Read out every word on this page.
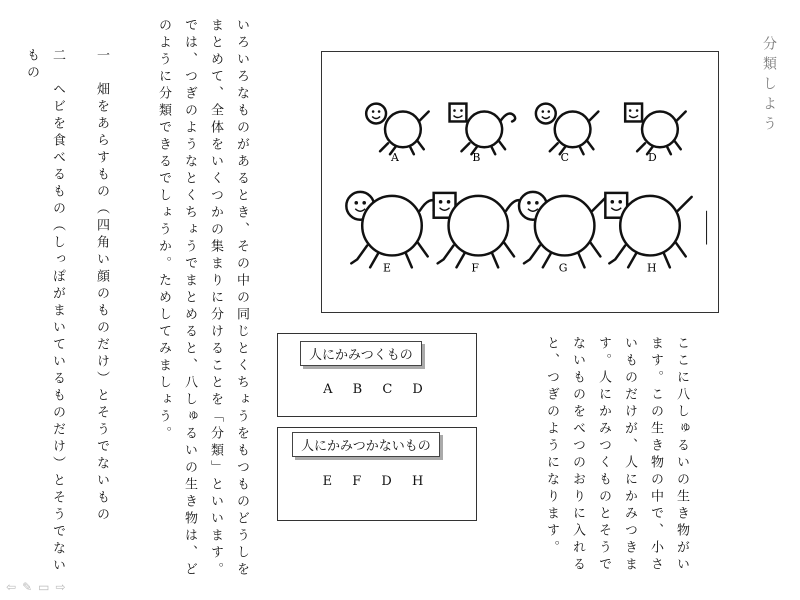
分類しよう
いろいろなものがあるとき、その中の同じとくちょうをもつものどうしをまとめて、全体をいくつかの集まりに分けることを「分類」といいます。では、つぎのようなとくちょうでまとめると、八しゅるいの生き物は、どのように分類できるでしょうか。ためしてみましょう。
一　畑をあらすもの（四角い顔のものだけ）とそうでないもの
二　ヘビを食べるもの（しっぽがまいているものだけ）とそうでないもの
A	B	C	D
E	F	G	H
人にかみつくもの
A B C D
人にかみつかないもの
E F D H	ここに八しゅるいの生き物がいます。この生き物の中で、小さいものだけが、人にかみつきます。人にかみつくものとそうでないものをべつのおりに入れると、つぎのようになります。
⇦ ✎ ▭ ⇨
